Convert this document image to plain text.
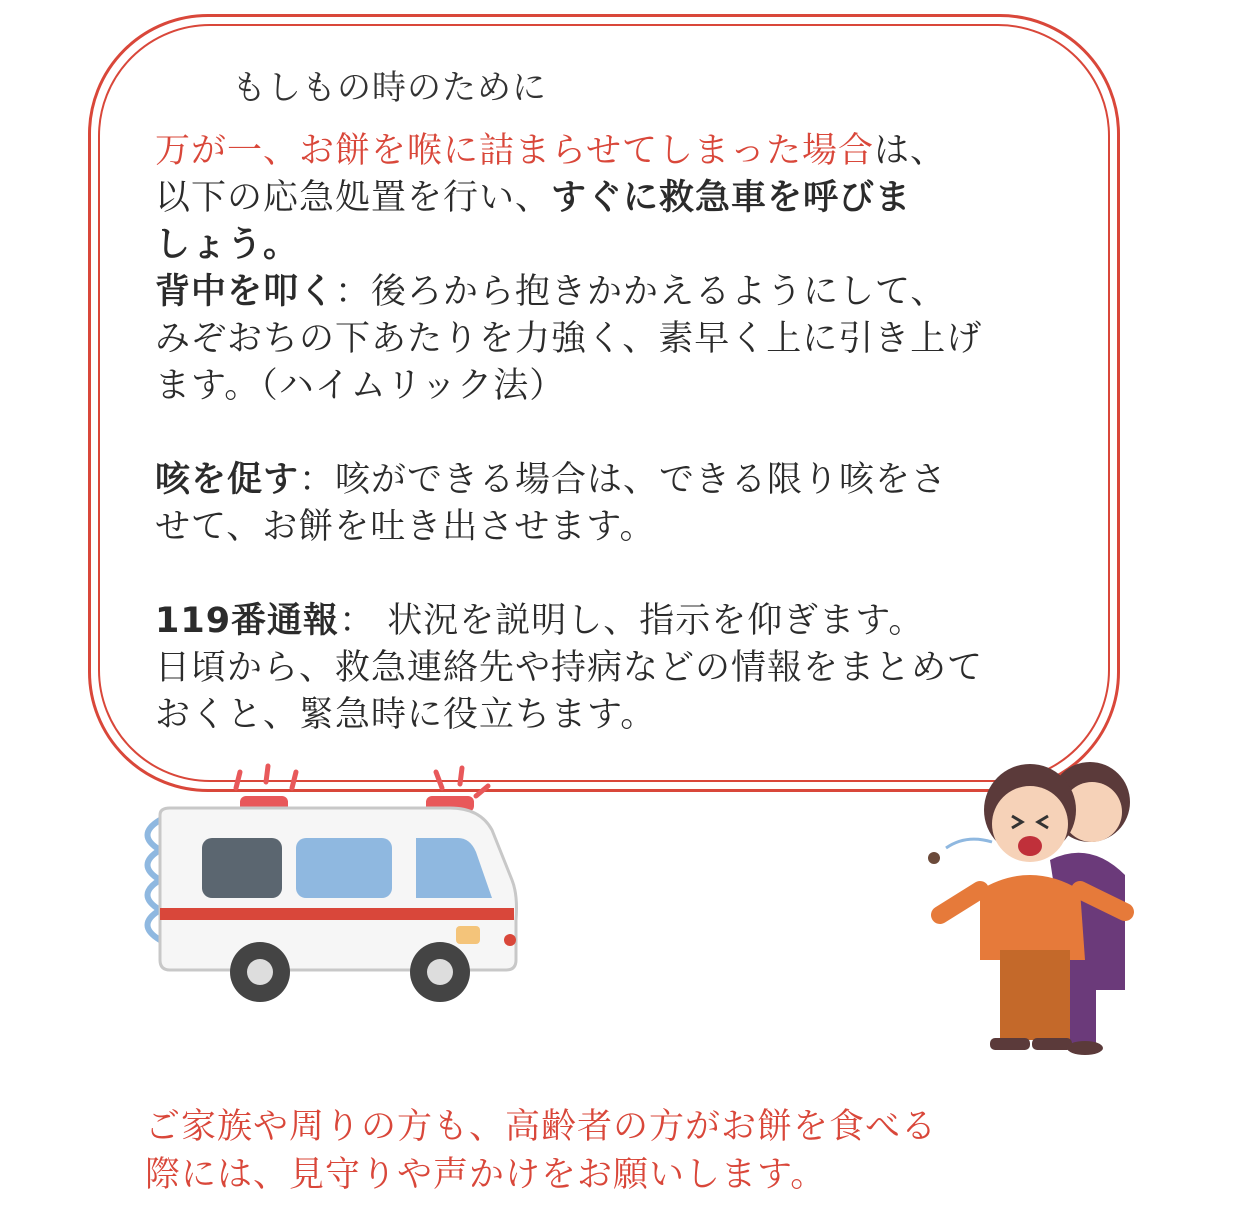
もしもの時のために

万が一、お餅を喉に詰まらせてしまった場合は、

以下の応急処置を行い、すぐに救急車を呼びま

しょう。

背中を叩く：後ろから抱きかかえるようにして、

みぞおちの下あたりを力強く、素早く上に引き上げ

ます。（ハイムリック法）

咳を促す：咳ができる場合は、できる限り咳をさ

せて、お餅を吐き出させます。

119番通報： 状況を説明し、指示を仰ぎます。

日頃から、救急連絡先や持病などの情報をまとめて

おくと、緊急時に役立ちます。

ご家族や周りの方も、高齢者の方がお餅を食べる

際には、見守りや声かけをお願いします。
